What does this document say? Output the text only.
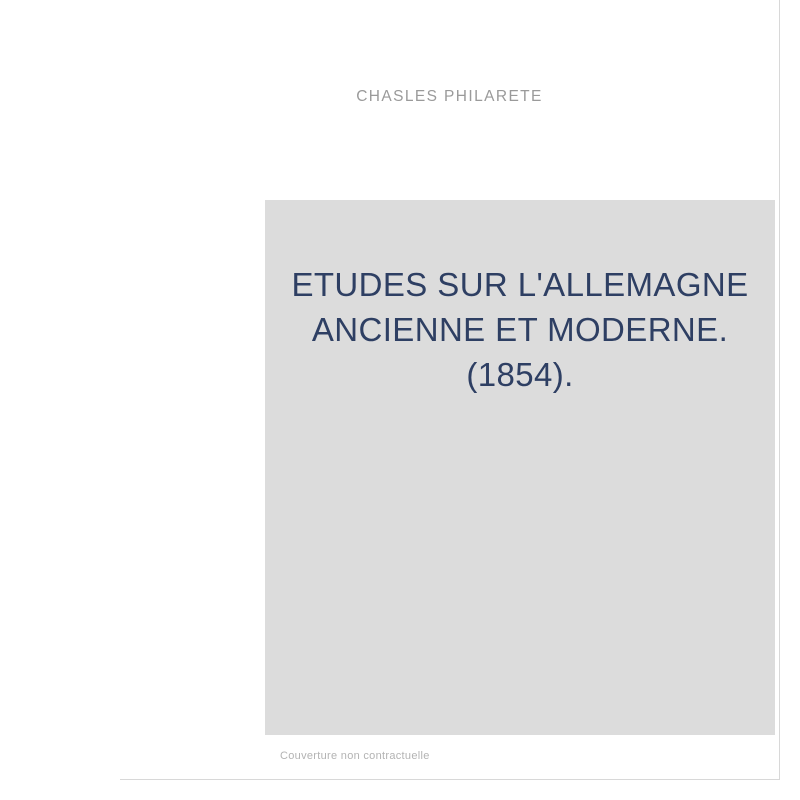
CHASLES PHILARETE
ETUDES SUR L'ALLEMAGNE ANCIENNE ET MODERNE. (1854).
Couverture non contractuelle
